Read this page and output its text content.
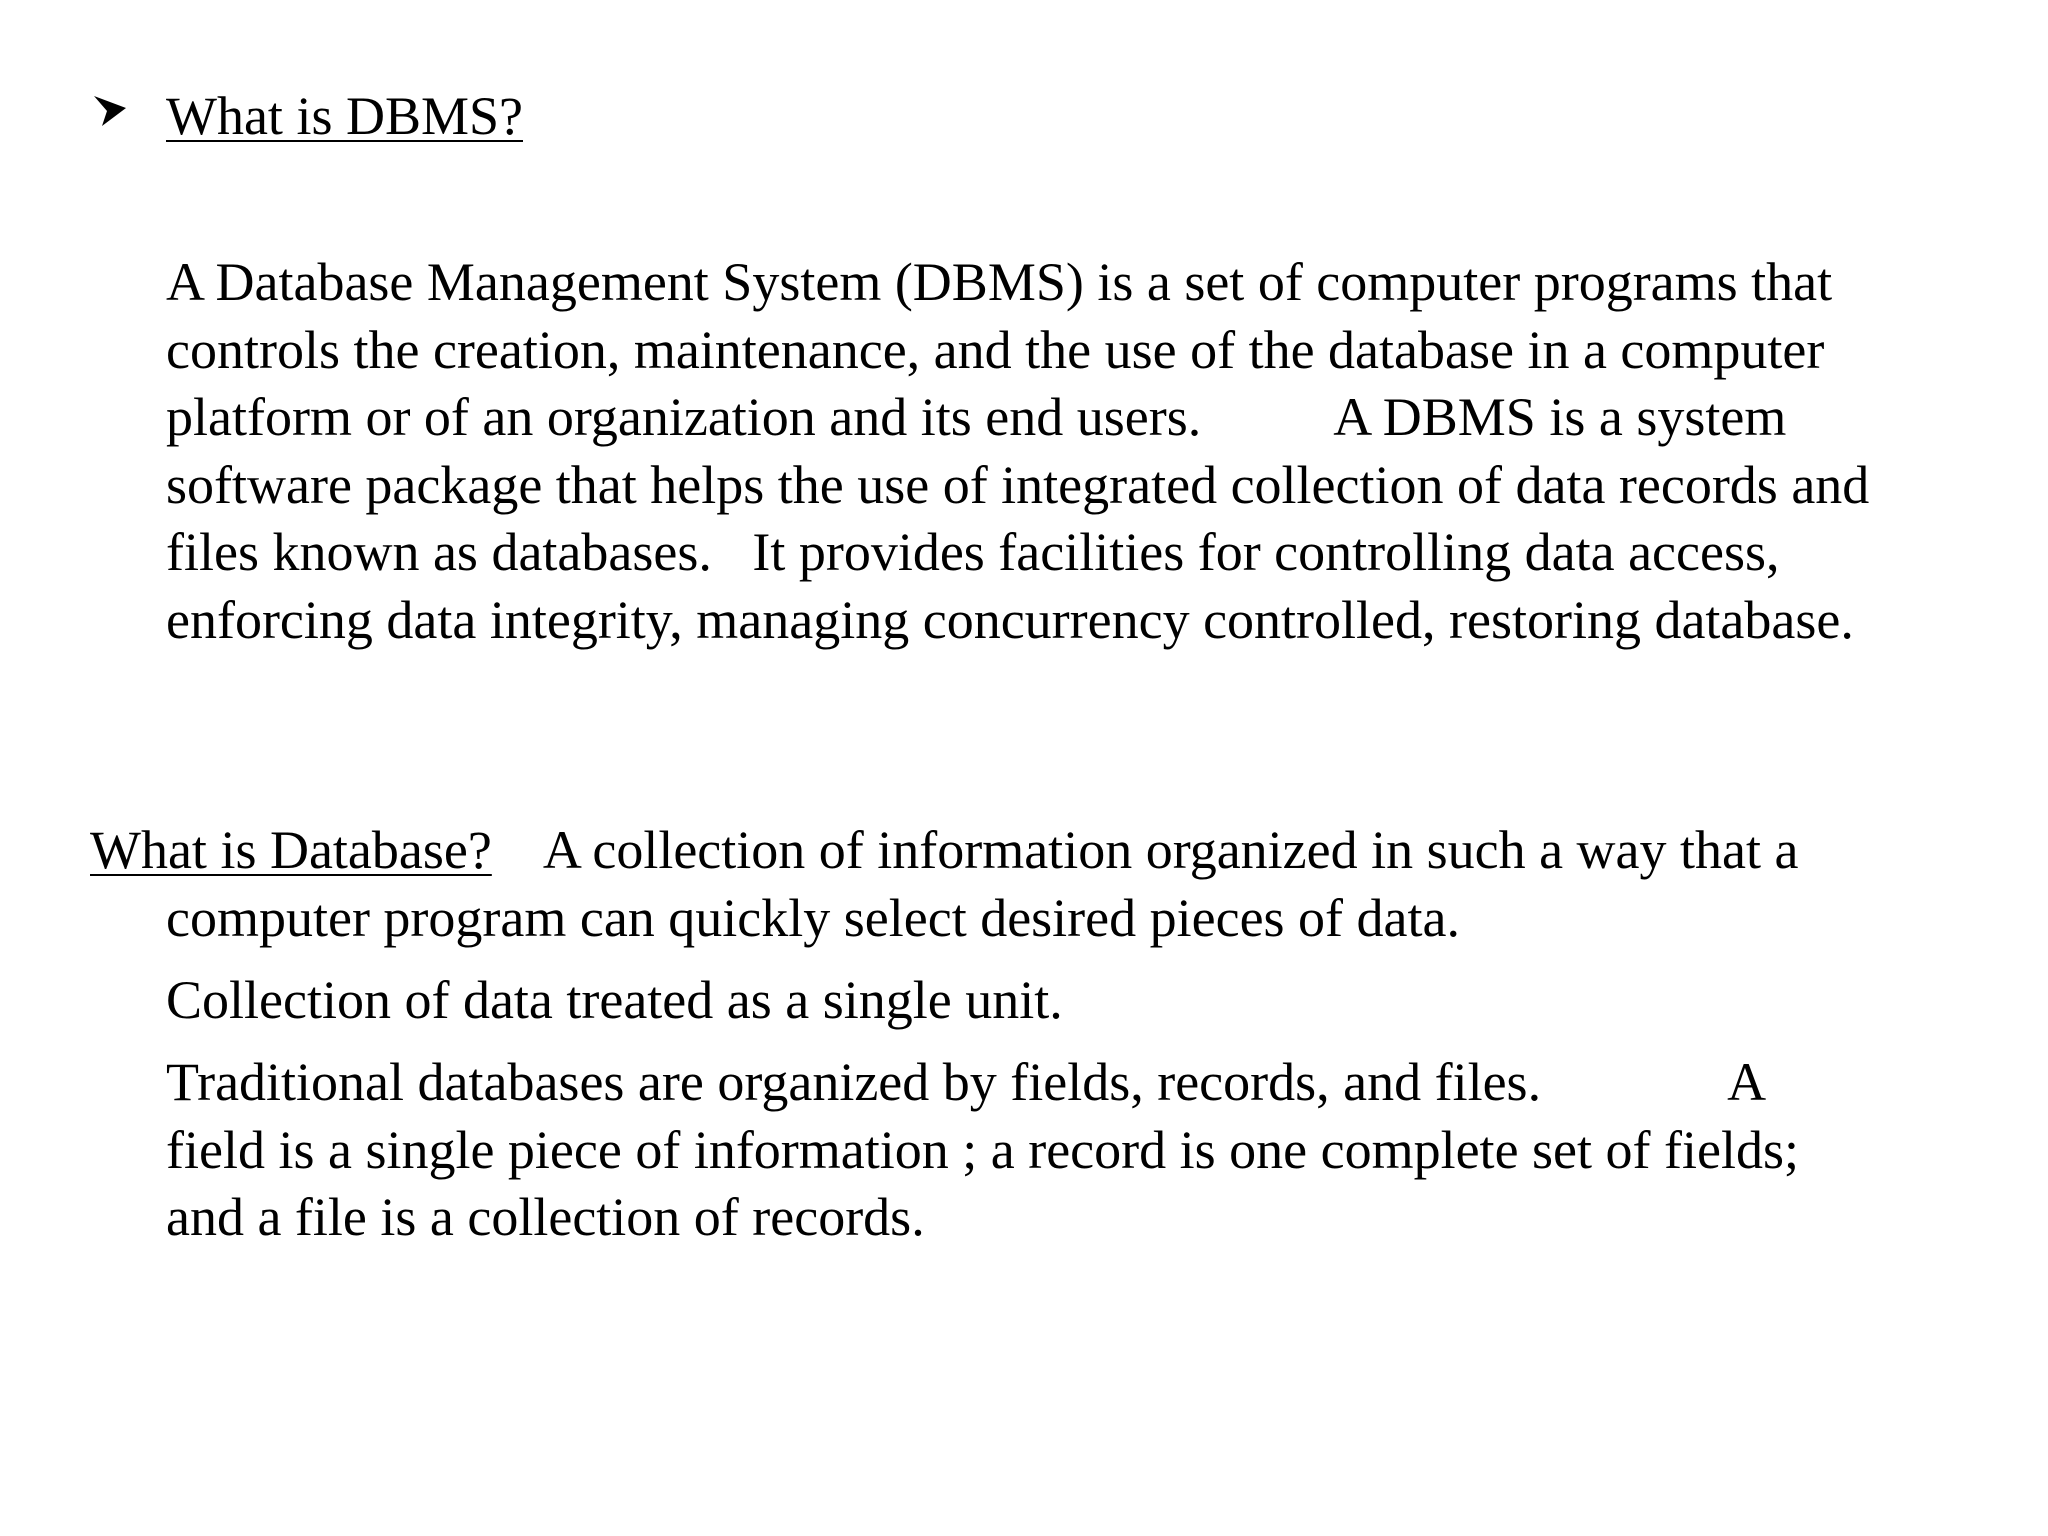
What is DBMS?

A Database Management System (DBMS) is a set of computer programs that
controls the creation, maintenance, and the use of the database in a computer
platform or of an organization and its end users.          A DBMS is a system
software package that helps the use of integrated collection of data records and
files known as databases.   It provides facilities for controlling data access,
enforcing data integrity, managing concurrency controlled, restoring database.

What is Database?    A collection of information organized in such a way that a

computer program can quickly select desired pieces of data.

Collection of data treated as a single unit.

Traditional databases are organized by fields, records, and files.              A
field is a single piece of information ; a record is one complete set of fields;
and a file is a collection of records.
